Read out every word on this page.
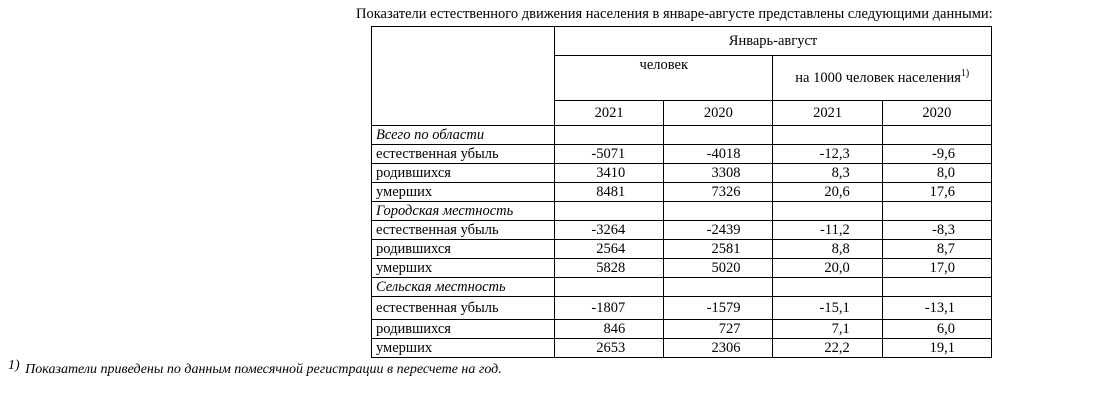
Показатели естественного движения населения в январе-августе представлены следующими данными:
	Январь-август			
	человек		на 1000 человек населения$^{1)}$
	2021	2020	2021	2020
Всего по области				
естественная убыль	-5071	-4018	-12,3	-9,6
родившихся	3410	3308	8,3	8,0
умерших	8481	7326	20,6	17,6
Городская местность				
естественная убыль	-3264	-2439	-11,2	-8,3
родившихся	2564	2581	8,8	8,7
умерших	5828	5020	20,0	17,0
Сельская местность				
естественная убыль	-1807	-1579	-15,1	-13,1
родившихся	846	727	7,1	6,0
умерших	2653	2306	22,2	19,1
1) Показатели приведены по данным помесячной регистрации в пересчете на год.
